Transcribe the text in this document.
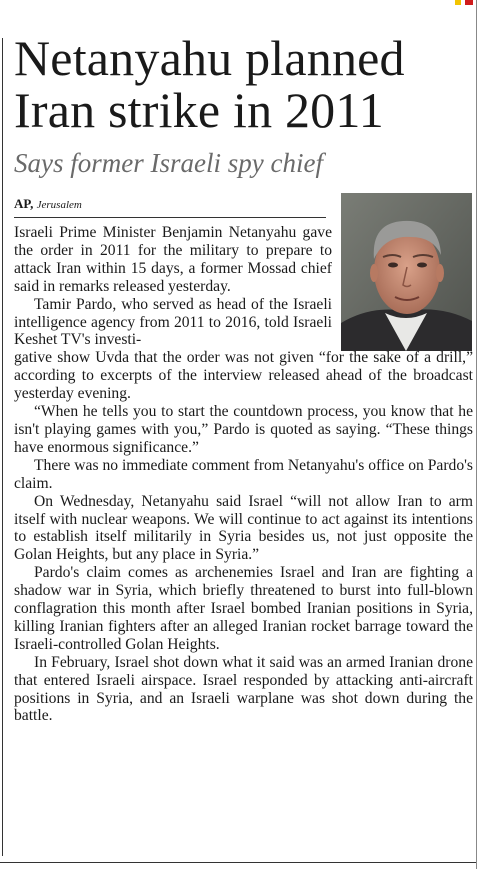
Netanyahu planned
Iran strike in 2011
Says former Israeli spy chief
AP, Jerusalem

Israeli Prime Minister Benjamin Netanyahu gave the order in 2011 for the military to prepare to attack Iran within 15 days, a former Mossad chief said in remarks released yesterday.

Tamir Pardo, who served as head of the Israeli intelligence agency from 2011 to 2016, told Israeli Keshet TV's investi-

gative show Uvda that the order was not given “for the sake of a drill,” according to excerpts of the interview released ahead of the broadcast yesterday evening.

“When he tells you to start the countdown process, you know that he isn't playing games with you,” Pardo is quoted as saying. “These things have enormous significance.”

There was no immediate comment from Netanyahu's office on Pardo's claim.

On Wednesday, Netanyahu said Israel “will not allow Iran to arm itself with nuclear weapons. We will continue to act against its intentions to establish itself militarily in Syria besides us, not just opposite the Golan Heights, but any place in Syria.”

Pardo's claim comes as archenemies Israel and Iran are fighting a shadow war in Syria, which briefly threatened to burst into full-blown conflagration this month after Israel bombed Iranian positions in Syria, killing Iranian fighters after an alleged Iranian rocket barrage toward the Israeli-controlled Golan Heights.

In February, Israel shot down what it said was an armed Iranian drone that entered Israeli airspace. Israel responded by attacking anti-aircraft positions in Syria, and an Israeli warplane was shot down during the battle.
